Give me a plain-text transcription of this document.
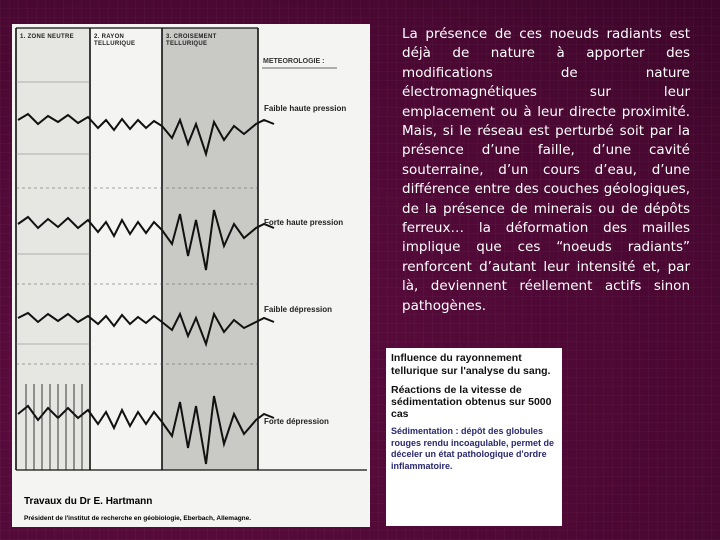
La présence de ces noeuds radiants est déjà de nature à apporter des modifications de nature électromagnétiques sur leur emplacement ou à leur directe proximité. Mais, si le réseau est perturbé soit par la présence d’une faille, d’une cavité souterraine, d’un cours d’eau, d’une différence entre des couches géologiques, de la présence de minerais ou de dépôts ferreux… la déformation des mailles implique que ces “noeuds radiants” renforcent d’autant leur intensité et, par là, deviennent réellement actifs sinon pathogènes.

1. ZONE NEUTRE	2. RAYON TELLURIQUE
3. CROISEMENT TELLURIQUE
METEOROLOGIE :
Faible haute pression
Forte haute pression
Faible dépression
Forte dépression
Travaux du Dr E. Hartmann
Président de l'institut de recherche en géobiologie, Eberbach, Allemagne.

Influence du rayonnement tellurique sur l'analyse du sang.

Réactions de la vitesse de sédimentation obtenus sur 5000 cas

Sédimentation : dépôt des globules rouges rendu incoagulable, permet de déceler un état pathologique d'ordre inflammatoire.
